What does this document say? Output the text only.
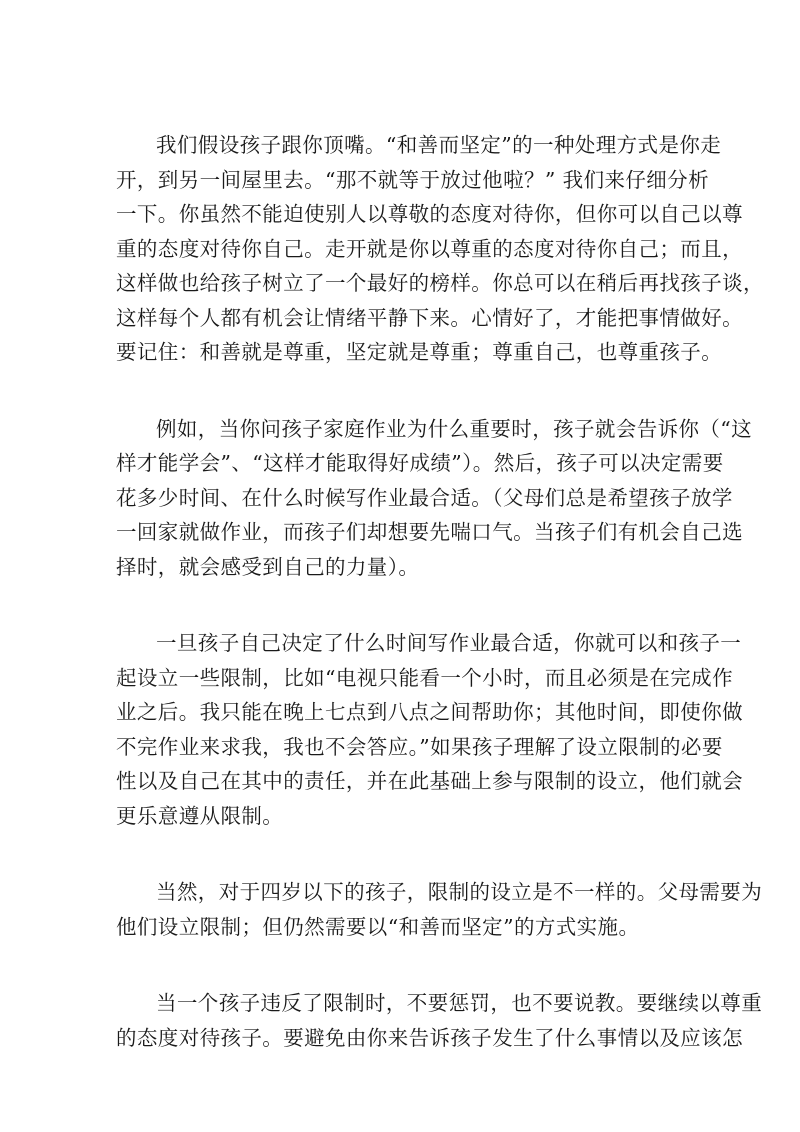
我们假设孩子跟你顶嘴。“和善而坚定”的一种处理方式是你走
开，到另一间屋里去。“那不就等于放过他啦？” 我们来仔细分析
一下。你虽然不能迫使别人以尊敬的态度对待你，但你可以自己以尊
重的态度对待你自己。走开就是你以尊重的态度对待你自己；而且，
这样做也给孩子树立了一个最好的榜样。你总可以在稍后再找孩子谈，
这样每个人都有机会让情绪平静下来。心情好了，才能把事情做好。
要记住：和善就是尊重，坚定就是尊重；尊重自己，也尊重孩子。
例如，当你问孩子家庭作业为什么重要时，孩子就会告诉你（“这
样才能学会”、“这样才能取得好成绩”）。然后，孩子可以决定需要
花多少时间、在什么时候写作业最合适。（父母们总是希望孩子放学
一回家就做作业，而孩子们却想要先喘口气。当孩子们有机会自己选
择时，就会感受到自己的力量）。
一旦孩子自己决定了什么时间写作业最合适，你就可以和孩子一
起设立一些限制，比如“电视只能看一个小时，而且必须是在完成作
业之后。我只能在晚上七点到八点之间帮助你；其他时间，即使你做
不完作业来求我，我也不会答应。”如果孩子理解了设立限制的必要
性以及自己在其中的责任，并在此基础上参与限制的设立，他们就会
更乐意遵从限制。
当然，对于四岁以下的孩子，限制的设立是不一样的。父母需要为
他们设立限制；但仍然需要以“和善而坚定”的方式实施。
当一个孩子违反了限制时，不要惩罚，也不要说教。要继续以尊重
的态度对待孩子。要避免由你来告诉孩子发生了什么事情以及应该怎
